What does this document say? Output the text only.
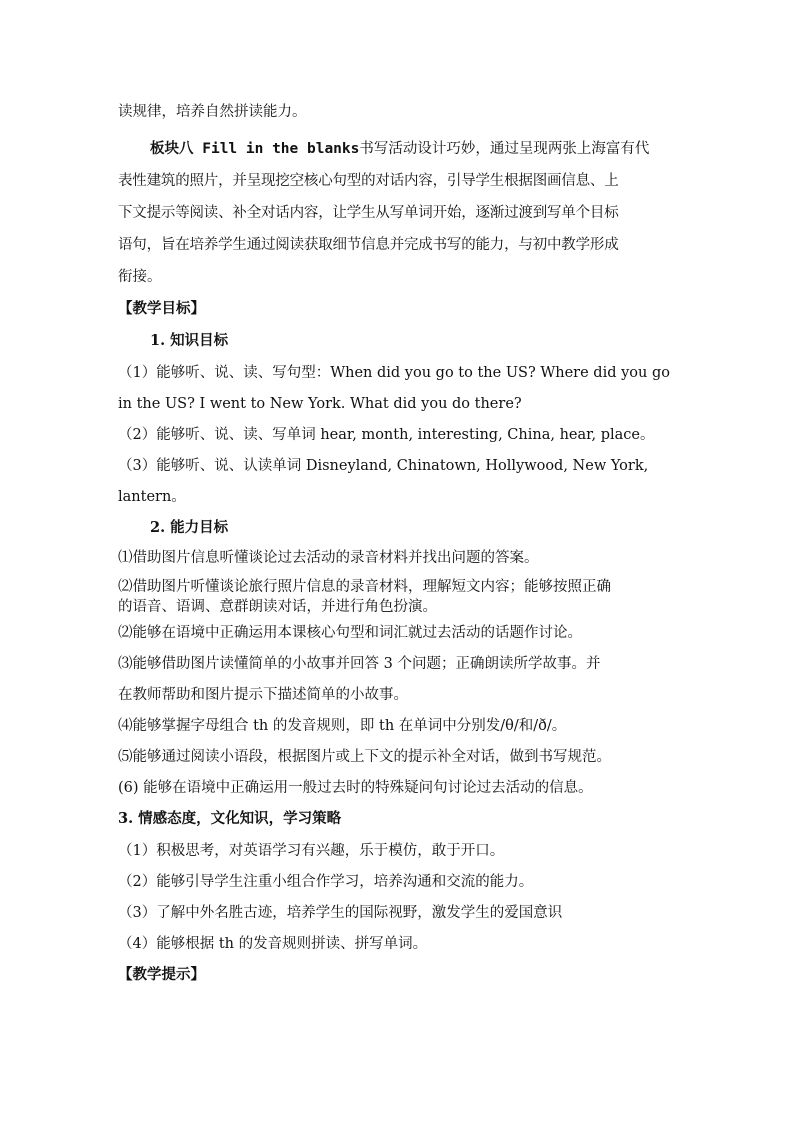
读规律，培养自然拼读能力。
板块八 Fill in the blanks书写活动设计巧妙，通过呈现两张上海富有代
表性建筑的照片，并呈现挖空核心句型的对话内容，引导学生根据图画信息、上
下文提示等阅读、补全对话内容，让学生从写单词开始，逐渐过渡到写单个目标
语句，旨在培养学生通过阅读获取细节信息并完成书写的能力，与初中教学形成
衔接。
【教学目标】
1. 知识目标
（1）能够听、说、读、写句型：When did you go to the US? Where did you go
in the US? I went to New York. What did you do there?
（2）能够听、说、读、写单词 hear, month, interesting, China, hear, place。
（3）能够听、说、认读单词 Disneyland, Chinatown, Hollywood, New York,
lantern。
2. 能力目标
⑴借助图片信息听懂谈论过去活动的录音材料并找出问题的答案。
⑵借助图片听懂谈论旅行照片信息的录音材料，理解短文内容；能够按照正确
的语音、语调、意群朗读对话，并进行角色扮演。
⑵能够在语境中正确运用本课核心句型和词汇就过去活动的话题作讨论。
⑶能够借助图片读懂简单的小故事并回答 3 个问题；正确朗读所学故事。并
在教师帮助和图片提示下描述简单的小故事。
⑷能够掌握字母组合 th 的发音规则，即 th 在单词中分别发/θ/和/ð/。
⑸能够通过阅读小语段，根据图片或上下文的提示补全对话，做到书写规范。
(6) 能够在语境中正确运用一般过去时的特殊疑问句讨论过去活动的信息。
3. 情感态度，文化知识，学习策略
（1）积极思考，对英语学习有兴趣，乐于模仿，敢于开口。
（2）能够引导学生注重小组合作学习，培养沟通和交流的能力。
（3）了解中外名胜古迹，培养学生的国际视野，激发学生的爱国意识
（4）能够根据 th 的发音规则拼读、拼写单词。
【教学提示】
